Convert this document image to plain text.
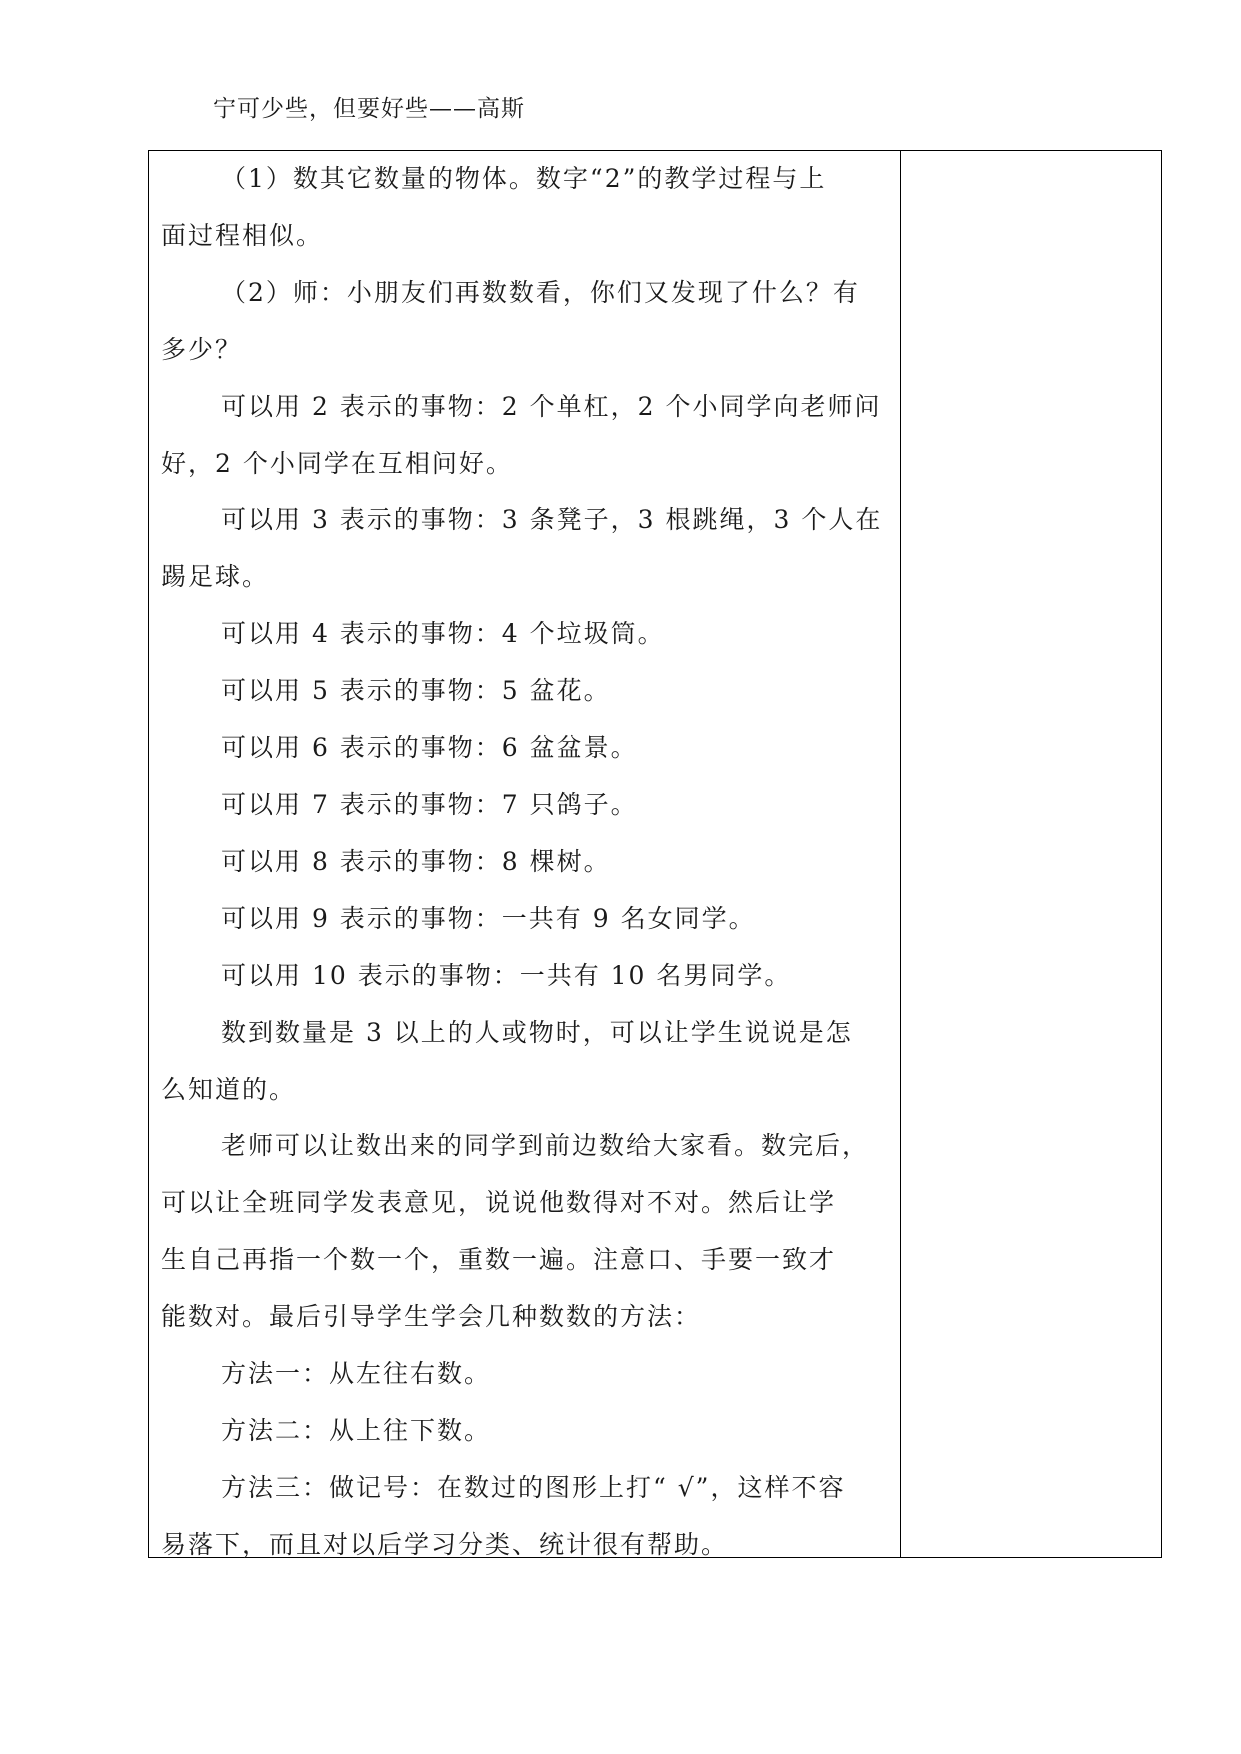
宁可少些，但要好些——高斯

（1）数其它数量的物体。数字“2”的教学过程与上

面过程相似。

（2）师：小朋友们再数数看，你们又发现了什么？有

多少？

可以用 2 表示的事物：2 个单杠，2 个小同学向老师问

好，2 个小同学在互相问好。

可以用 3 表示的事物：3 条凳子，3 根跳绳，3 个人在

踢足球。

可以用 4 表示的事物：4 个垃圾筒。

可以用 5 表示的事物：5 盆花。

可以用 6 表示的事物：6 盆盆景。

可以用 7 表示的事物：7 只鸽子。

可以用 8 表示的事物：8 棵树。

可以用 9 表示的事物：一共有 9 名女同学。

可以用 10 表示的事物：一共有 10 名男同学。

数到数量是 3 以上的人或物时，可以让学生说说是怎

么知道的。

老师可以让数出来的同学到前边数给大家看。数完后，

可以让全班同学发表意见，说说他数得对不对。然后让学

生自己再指一个数一个，重数一遍。注意口、手要一致才

能数对。最后引导学生学会几种数数的方法：

方法一：从左往右数。

方法二：从上往下数。

方法三：做记号：在数过的图形上打“ √”，这样不容

易落下，而且对以后学习分类、统计很有帮助。
